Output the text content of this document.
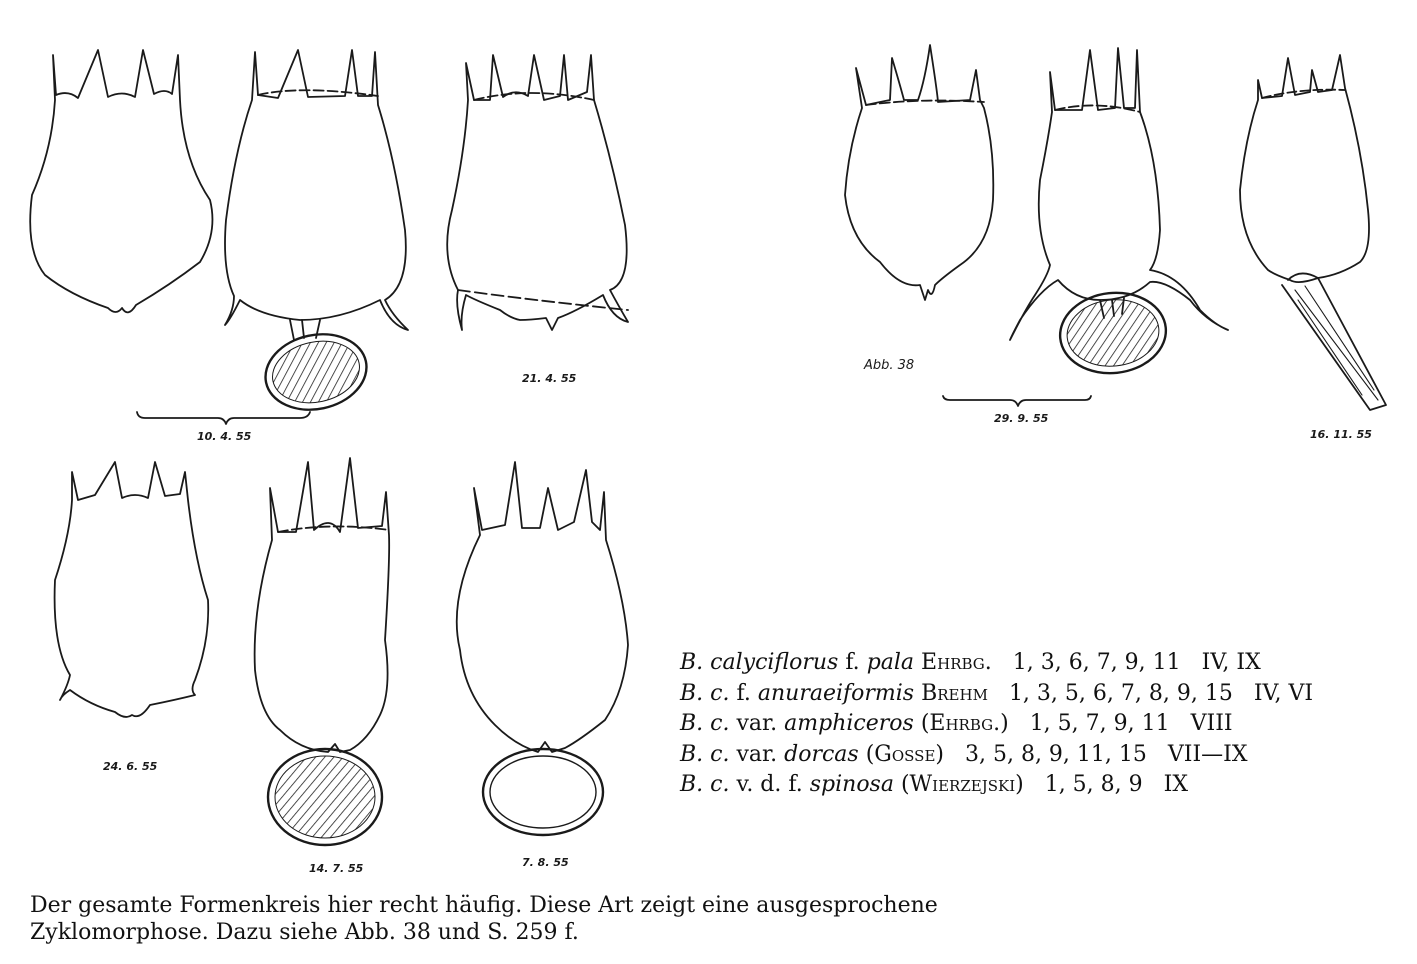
10. 4. 55
21. 4. 55
29. 9. 55
16. 11. 55
24. 6. 55
14. 7. 55	7. 8. 55
Abb. 38
B. calyciflorus f. pala Ehrbg. 1, 3, 6, 7, 9, 11 IV, IX
B. c. f. anuraeiformis Brehm 1, 3, 5, 6, 7, 8, 9, 15 IV, VI
B. c. var. amphiceros (Ehrbg.) 1, 5, 7, 9, 11 VIII
B. c. var. dorcas (Gosse) 3, 5, 8, 9, 11, 15 VII—IX
B. c. v. d. f. spinosa (Wierzejski) 1, 5, 8, 9 IX
Der gesamte Formenkreis hier recht häufig. Diese Art zeigt eine ausgesprochene
Zyklomorphose. Dazu siehe Abb. 38 und S. 259 f.
